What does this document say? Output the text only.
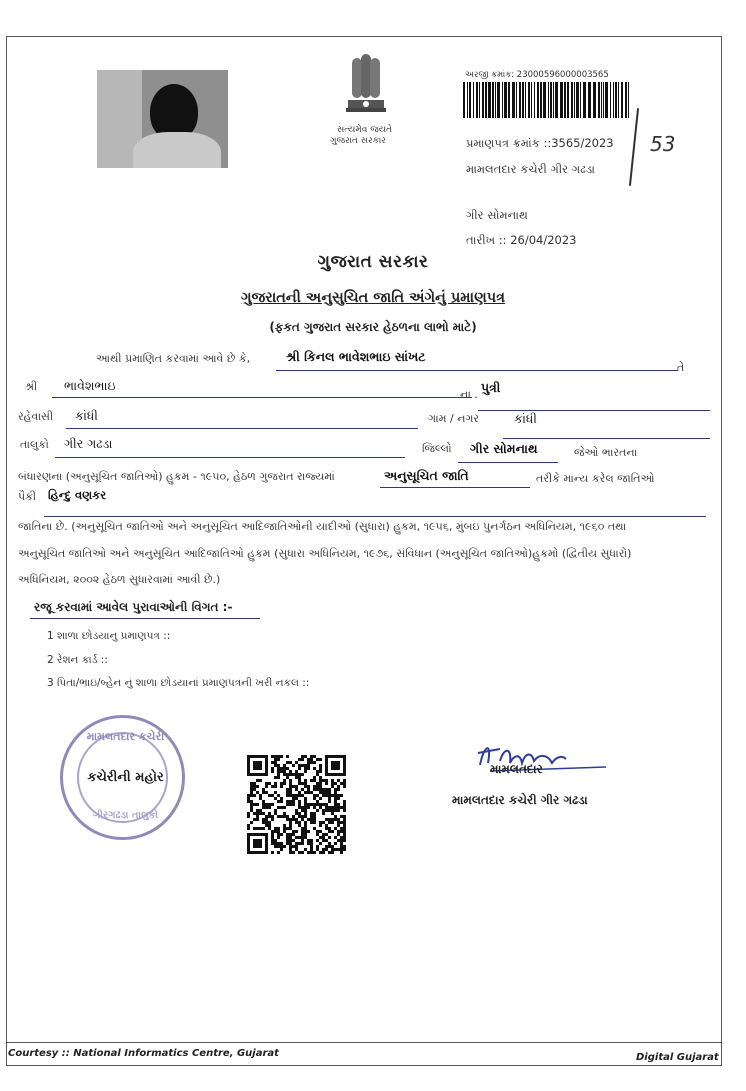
સત્યમેવ જયતે
ગુજરાત સરકાર
અરજી ક્રમાંક: 23000596000003565
પ્રમાણપત્ર ક્રમાંક ::3565/2023
મામલતદાર કચેરી ગીર ગઢડા
53
ગીર સોમનાથ
તારીખ :: 26/04/2023
ગુજરાત સરકાર
ગુજરાતની અનુસુચિત જાતિ અંગેનું પ્રમાણપત્ર
(ફકત ગુજરાત સરકાર હેઠળના લાભો માટે)
આથી પ્રમાણિત કરવામાં આવે છે કે,	શ્રી કિનલ ભાવેશભાઇ સાંખટ
તે
શ્રી ભાવેશભાઇ
ના . પુત્રી
રહેવાસી કાંધી	ગામ / નગર	કાંધી
તાલુકો ગીર ગઢડા	જિલ્લો ગીર સોમનાથ	જેઓ ભારતના
બંધારણના (અનુસૂચિત જાતિઓ) હુકમ - ૧૯૫૦, હેઠળ ગુજરાત રાજ્યમાં	અનુસૂચિત જાતિ	તરીકે માન્ય કરેલ જાતિઓ
પૈકી હિન્દુ વણકર
જાતિના છે. (અનુસૂચિત જાતિઓ અને અનુસૂચિત આદિજાતિઓની યાદીઓ (સુધારા) હુકમ, ૧૯૫૬, મુંબઇ પુનર્ગઠન અધિનિયમ, ૧૯૬૦ તથા
અનુસૂચિત જાતિઓ અને અનુસૂચિત આદિજાતિઓ હુકમ (સુધારા અધિનિયમ, ૧૯૭૬, સંવિધાન (અનુસૂચિત જાતિઓ)હુકમો (દ્વિતીય સુધારો)
અધિનિયમ, ૨૦૦૨ હેઠળ સુધારવામાં આવી છે.)
રજૂ કરવામાં આવેલ પુરાવાઓની વિગત :-
1 શાળા છોડયાનુ પ્રમાણપત્ર ::
2 રેશન કાર્ડ ::
3 પિતા/ભાઇ/બ્હેન નું શાળા છોડયાનાં પ્રમાણપત્રની ખરી નકલ ::
મામલતદાર કચેરી
કચેરીની મહોર
ગીરગઢડા તાલુકો
મામલતદાર
મામલતદાર કચેરી ગીર ગઢડા
Courtesy :: National Informatics Centre, Gujarat	Digital Gujarat
